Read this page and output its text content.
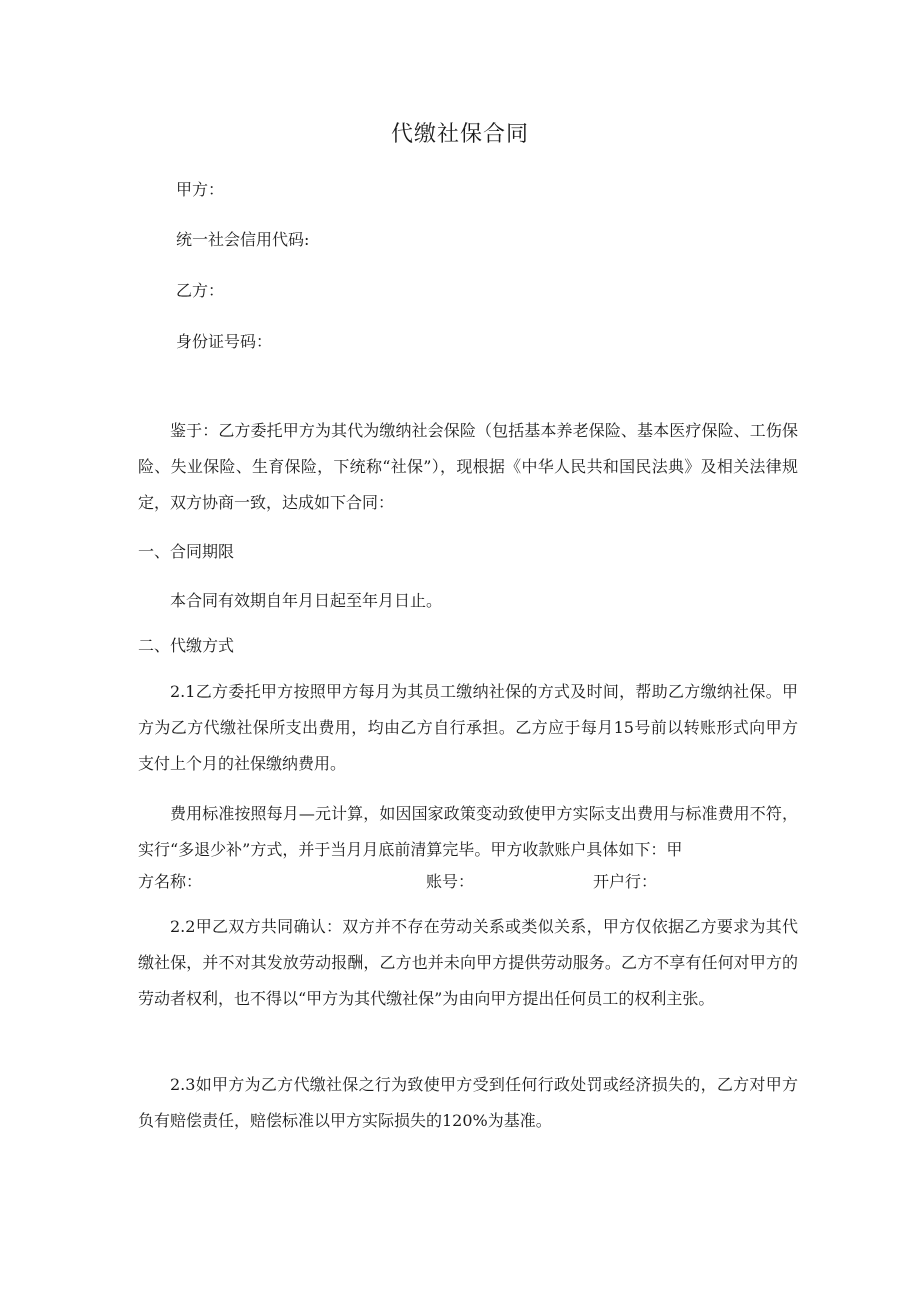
代缴社保合同
甲方：
统一社会信用代码:
乙方：
身份证号码：

鉴于：乙方委托甲方为其代为缴纳社会保险（包括基本养老保险、基本医疗保险、工伤保险、失业保险、生育保险，下统称“社保”），现根据《中华人民共和国民法典》及相关法律规定，双方协商一致，达成如下合同：

一、合同期限

本合同有效期自年月日起至年月日止。

二、代缴方式

2.1乙方委托甲方按照甲方每月为其员工缴纳社保的方式及时间，帮助乙方缴纳社保。甲方为乙方代缴社保所支出费用，均由乙方自行承担。乙方应于每月15号前以转账形式向甲方支付上个月的社保缴纳费用。

费用标准按照每月—元计算，如因国家政策变动致使甲方实际支出费用与标准费用不符，实行“多退少补”方式，并于当月月底前清算完毕。甲方收款账户具体如下：甲

方名称：	账号：	开户行：

2.2甲乙双方共同确认：双方并不存在劳动关系或类似关系，甲方仅依据乙方要求为其代缴社保，并不对其发放劳动报酬，乙方也并未向甲方提供劳动服务。乙方不享有任何对甲方的劳动者权利，也不得以“甲方为其代缴社保”为由向甲方提出任何员工的权利主张。

2.3如甲方为乙方代缴社保之行为致使甲方受到任何行政处罚或经济损失的，乙方对甲方负有赔偿责任，赔偿标准以甲方实际损失的120%为基准。
